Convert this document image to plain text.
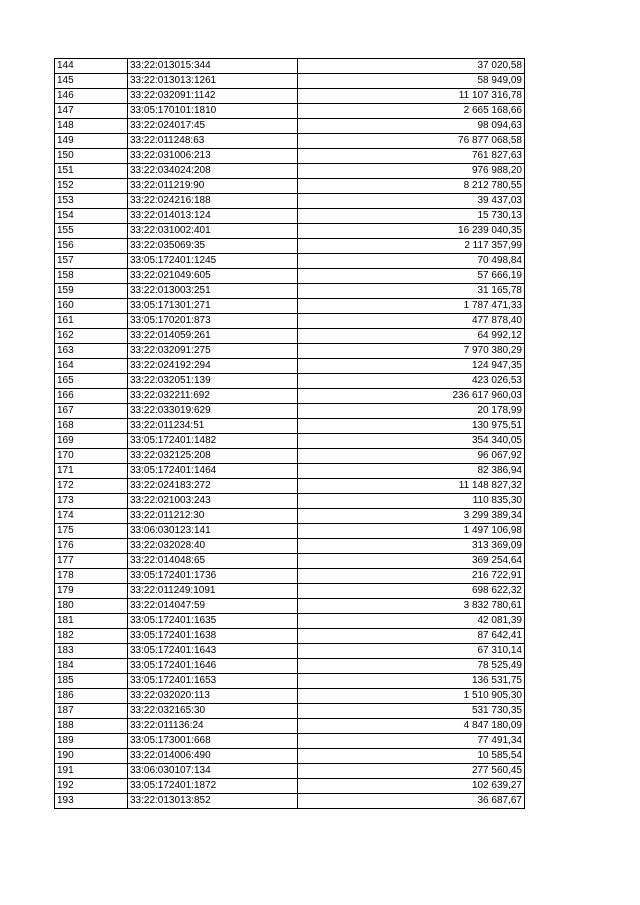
144	33:22:013015:344	37 020,58
145	33:22:013013:1261	58 949,09
146	33:22:032091:1142	11 107 316,78
147	33:05:170101:1810	2 665 168,66
148	33:22:024017:45	98 094,63
149	33:22:011248:63	76 877 068,58
150	33:22:031006:213	761 827,63
151	33:22:034024:208	976 988,20
152	33:22:011219:90	8 212 780,55
153	33:22:024216:188	39 437,03
154	33:22:014013:124	15 730,13
155	33:22:031002:401	16 239 040,35
156	33:22:035069:35	2 117 357,99
157	33:05:172401:1245	70 498,84
158	33:22:021049:605	57 666,19
159	33:22:013003:251	31 165,78
160	33:05:171301:271	1 787 471,33
161	33:05:170201:873	477 878,40
162	33:22:014059:261	64 992,12
163	33:22:032091:275	7 970 380,29
164	33:22:024192:294	124 947,35
165	33:22:032051:139	423 026,53
166	33:22:032211:692	236 617 960,03
167	33:22:033019:629	20 178,99
168	33:22:011234:51	130 975,51
169	33:05:172401:1482	354 340,05
170	33:22:032125:208	96 067,92
171	33:05:172401:1464	82 386,94
172	33:22:024183:272	11 148 827,32
173	33:22:021003:243	110 835,30
174	33:22:011212:30	3 299 389,34
175	33:06:030123:141	1 497 106,98
176	33:22:032028:40	313 369,09
177	33:22:014048:65	369 254,64
178	33:05:172401:1736	216 722,91
179	33:22:011249:1091	698 622,32
180	33:22:014047:59	3 832 780,61
181	33:05:172401:1635	42 081,39
182	33:05:172401:1638	87 642,41
183	33:05:172401:1643	67 310,14
184	33:05:172401:1646	78 525,49
185	33:05:172401:1653	136 531,75
186	33:22:032020:113	1 510 905,30
187	33:22:032165:30	531 730,35
188	33:22:011136:24	4 847 180,09
189	33:05:173001:668	77 491,34
190	33:22:014006:490	10 585,54
191	33:06:030107:134	277 560,45
192	33:05:172401:1872	102 639,27
193	33:22:013013:852	36 687,67
